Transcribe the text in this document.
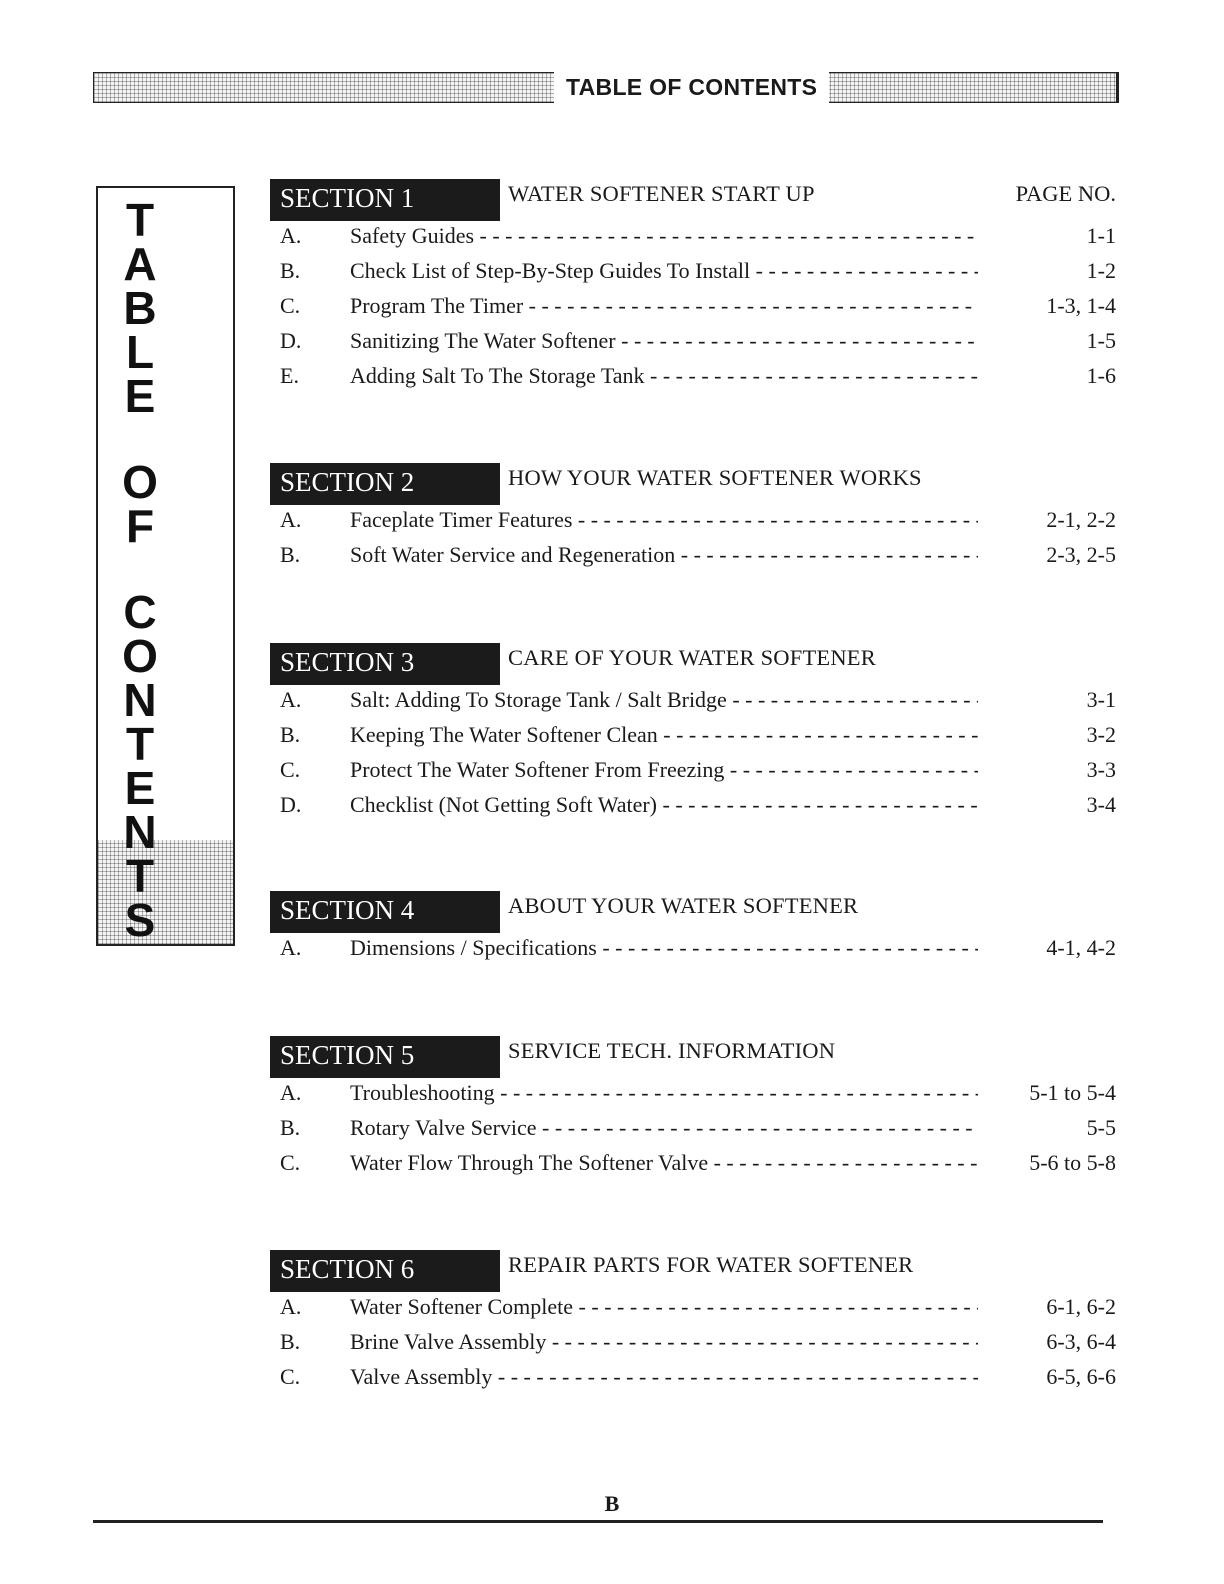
TABLE OF CONTENTS
T
A
B
L
E
O
F
C
O
N
T
E
N
T
S
SECTION 1	WATER SOFTENER START UP	PAGE NO.
A. Safety Guides - - -	1-1
B. Check List of Step-By-Step Guides To Install - - -	1-2
C. Program The Timer - - -	1-3, 1-4
D. Sanitizing The Water Softener - - -	1-5
E. Adding Salt To The Storage Tank - - -	1-6
SECTION 2	HOW YOUR WATER SOFTENER WORKS
A. Faceplate Timer Features - - -	2-1, 2-2
B. Soft Water Service and Regeneration - - -	2-3, 2-5
SECTION 3	CARE OF YOUR WATER SOFTENER
A. Salt: Adding To Storage Tank / Salt Bridge - - -	3-1
B. Keeping The Water Softener Clean - - -	3-2
C. Protect The Water Softener From Freezing - - -	3-3
D. Checklist (Not Getting Soft Water) - - -	3-4
SECTION 4	ABOUT YOUR WATER SOFTENER
A. Dimensions / Specifications - - -	4-1, 4-2
SECTION 5	SERVICE TECH. INFORMATION
A. Troubleshooting - - -	5-1 to 5-4
B. Rotary Valve Service - - -	5-5
C. Water Flow Through The Softener Valve - - -	5-6 to 5-8
SECTION 6	REPAIR PARTS FOR WATER SOFTENER
A. Water Softener Complete - - -	6-1, 6-2
B. Brine Valve Assembly - - -	6-3, 6-4
C. Valve Assembly - - -	6-5, 6-6
B
